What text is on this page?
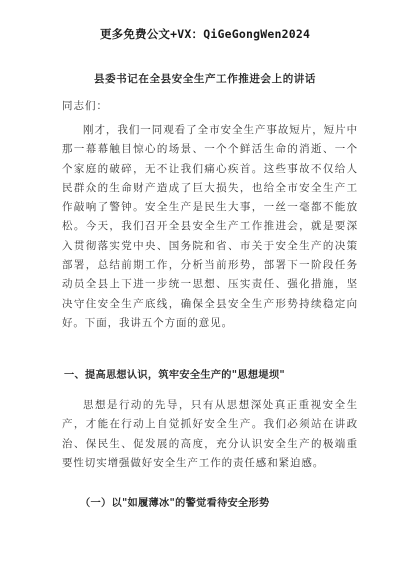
更多免费公文+VX：QiGeGongWen2024
县委书记在全县安全生产工作推进会上的讲话
同志们：

刚才，我们一同观看了全市安全生产事故短片，短片中那一幕幕触目惊心的场景、一个个鲜活生命的消逝、一个个家庭的破碎，无不让我们痛心疾首。这些事故不仅给人民群众的生命财产造成了巨大损失，也给全市安全生产工作敲响了警钟。安全生产是民生大事，一丝一毫都不能放松。今天，我们召开全县安全生产工作推进会，就是要深入贯彻落实党中央、国务院和省、市关于安全生产的决策部署，总结前期工作，分析当前形势，部署下一阶段任务动员全县上下进一步统一思想、压实责任、强化措施，坚决守住安全生产底线，确保全县安全生产形势持续稳定向好。下面，我讲五个方面的意见。

一、提高思想认识，筑牢安全生产的"思想堤坝"

思想是行动的先导，只有从思想深处真正重视安全生产，才能在行动上自觉抓好安全生产。我们必须站在讲政治、保民生、促发展的高度，充分认识安全生产的极端重要性切实增强做好安全生产工作的责任感和紧迫感。

（一）以"如履薄冰"的警觉看待安全形势
